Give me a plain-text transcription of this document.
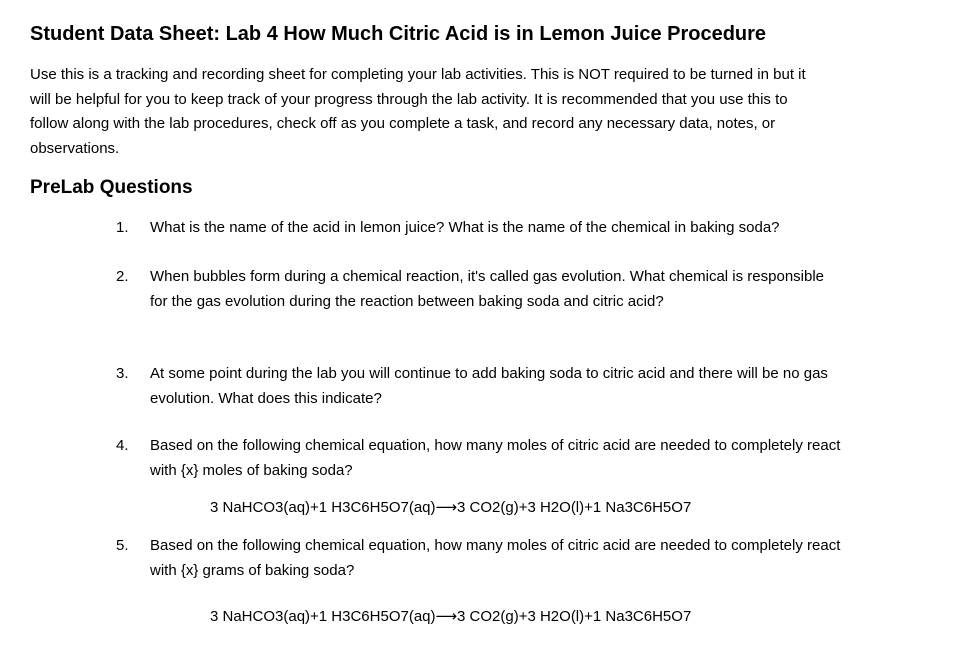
Student Data Sheet: Lab 4 How Much Citric Acid is in Lemon Juice Procedure
Use this is a tracking and recording sheet for completing your lab activities. This is NOT required to be turned in but it
will be helpful for you to keep track of your progress through the lab activity. It is recommended that you use this to
follow along with the lab procedures, check off as you complete a task, and record any necessary data, notes, or
observations.
PreLab Questions
1.	What is the name of the acid in lemon juice? What is the name of the chemical in baking soda?
2.	When bubbles form during a chemical reaction, it's called gas evolution. What chemical is responsible
for the gas evolution during the reaction between baking soda and citric acid?
3.	At some point during the lab you will continue to add baking soda to citric acid and there will be no gas
evolution. What does this indicate?
4.	Based on the following chemical equation, how many moles of citric acid are needed to completely react
with {x} moles of baking soda?
3 NaHCO3(aq)+1 H3C6H5O7(aq)⟶3 CO2(g)+3 H2O(l)+1 Na3C6H5O7
5.	Based on the following chemical equation, how many moles of citric acid are needed to completely react
with {x} grams of baking soda?
3 NaHCO3(aq)+1 H3C6H5O7(aq)⟶3 CO2(g)+3 H2O(l)+1 Na3C6H5O7
